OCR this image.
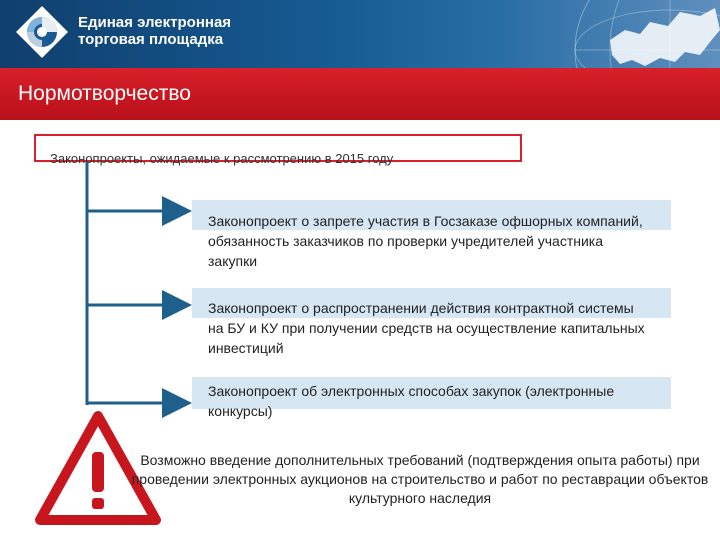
Единая электронная
торговая площадка
Нормотворчество
Законопроекты, ожидаемые к рассмотрению в 2015 году
Законопроект о запрете участия в Госзаказе офшорных компаний, обязанность заказчиков по проверки учредителей участника закупки
Законопроект о распространении действия контрактной системы на БУ и КУ при получении средств на осуществление капитальных инвестиций
Законопроект об электронных способах закупок (электронные конкурсы)
Возможно введение дополнительных требований (подтверждения опыта работы) при проведении электронных аукционов на строительство и работ по реставрации объектов культурного наследия
